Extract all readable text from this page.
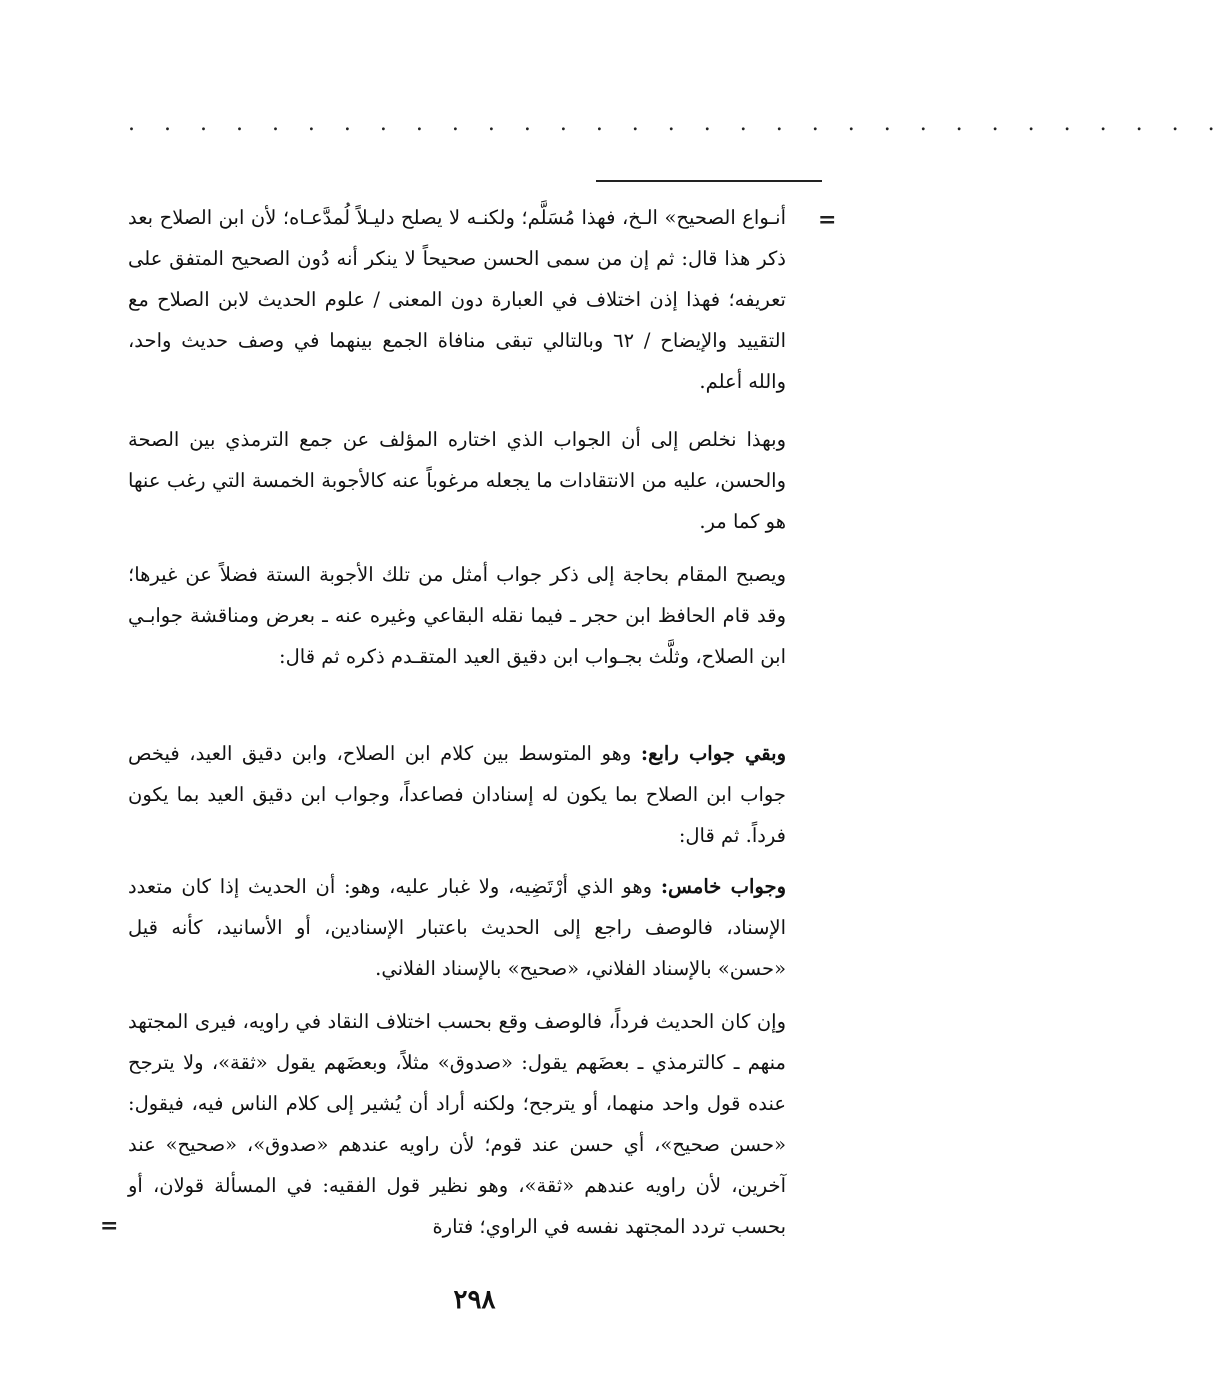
. . . . . . . . . . . . . . . . . . . . . . . . . . . . . . .
=

أنـواع الصحيح» الـخ، فهذا مُسَلَّم؛ ولكنـه لا يصلح دليـلاً لُمدَّعـاه؛ لأن ابن الصلاح بعد ذكر هذا قال: ثم إن من سمى الحسن صحيحاً لا ينكر أنه دُون الصحيح المتفق على تعريفه؛ فهذا إذن اختلاف في العبارة دون المعنى / علوم الحديث لابن الصلاح مع التقييد والإيضاح / ٦٢ وبالتالي تبقى منافاة الجمع بينهما في وصف حديث واحد، والله أعلم.

وبهذا نخلص إلى أن الجواب الذي اختاره المؤلف عن جمع الترمذي بين الصحة والحسن، عليه من الانتقادات ما يجعله مرغوباً عنه كالأجوبة الخمسة التي رغب عنها هو كما مر.

ويصبح المقام بحاجة إلى ذكر جواب أمثل من تلك الأجوبة الستة فضلاً عن غيرها؛ وقد قام الحافظ ابن حجر ـ فيما نقله البقاعي وغيره عنه ـ بعرض ومناقشة جوابـي ابن الصلاح، وثلَّث بجـواب ابن دقيق العيد المتقـدم ذكره ثم قال:

وبقي جواب رابع: وهو المتوسط بين كلام ابن الصلاح، وابن دقيق العيد، فيخص جواب ابن الصلاح بما يكون له إسنادان فصاعداً، وجواب ابن دقيق العيد بما يكون فرداً. ثم قال:

وجواب خامس: وهو الذي أرْتَضِيه، ولا غبار عليه، وهو: أن الحديث إذا كان متعدد الإسناد، فالوصف راجع إلى الحديث باعتبار الإسنادين، أو الأسانيد، كأنه قيل «حسن» بالإسناد الفلاني، «صحيح» بالإسناد الفلاني.

وإن كان الحديث فرداً، فالوصف وقع بحسب اختلاف النقاد في راويه، فيرى المجتهد منهم ـ كالترمذي ـ بعضَهم يقول: «صدوق» مثلاً، وبعضَهم يقول «ثقة»، ولا يترجح عنده قول واحد منهما، أو يترجح؛ ولكنه أراد أن يُشير إلى كلام الناس فيه، فيقول: «حسن صحيح»، أي حسن عند قوم؛ لأن راويه عندهم «صدوق»، «صحيح» عند آخرين، لأن راويه عندهم «ثقة»، وهو نظير قول الفقيه: في المسألة قولان، أو بحسب تردد المجتهد نفسه في الراوي؛ فتارة

=
٢٩٨
